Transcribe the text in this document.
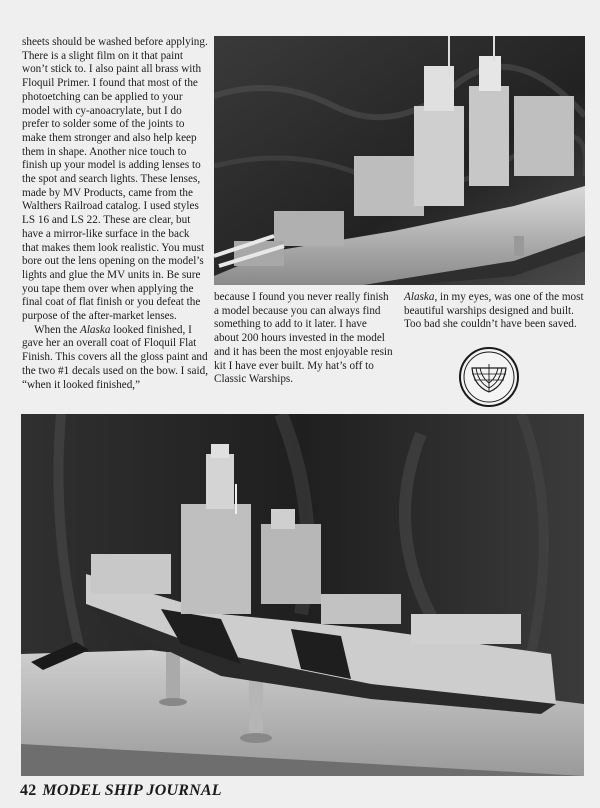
sheets should be washed before applying. There is a slight film on it that paint won’t stick to. I also paint all brass with Floquil Primer. I found that most of the photoetching can be applied to your model with cy-anoacrylate, but I do prefer to solder some of the joints to make them stronger and also help keep them in shape. Another nice touch to finish up your model is adding lenses to the spot and search lights. These lenses, made by MV Products, came from the Walthers Railroad catalog. I used styles LS 16 and LS 22. These are clear, but have a mirror-like surface in the back that makes them look realistic. You must bore out the lens opening on the model’s lights and glue the MV units in. Be sure you tape them over when applying the final coat of flat finish or you defeat the purpose of the after-market lenses.

When the Alaska looked finished, I gave her an overall coat of Floquil Flat Finish. This covers all the gloss paint and the two #1 decals used on the bow. I said, “when it looked finished,”

because I found you never really finish a model because you can always find something to add to it later. I have about 200 hours invested in the model and it has been the most enjoyable resin kit I have ever built. My hat’s off to Classic Warships.

Alaska, in my eyes, was one of the most beautiful warships designed and built. Too bad she couldn’t have been saved.

42 MODEL SHIP JOURNAL
